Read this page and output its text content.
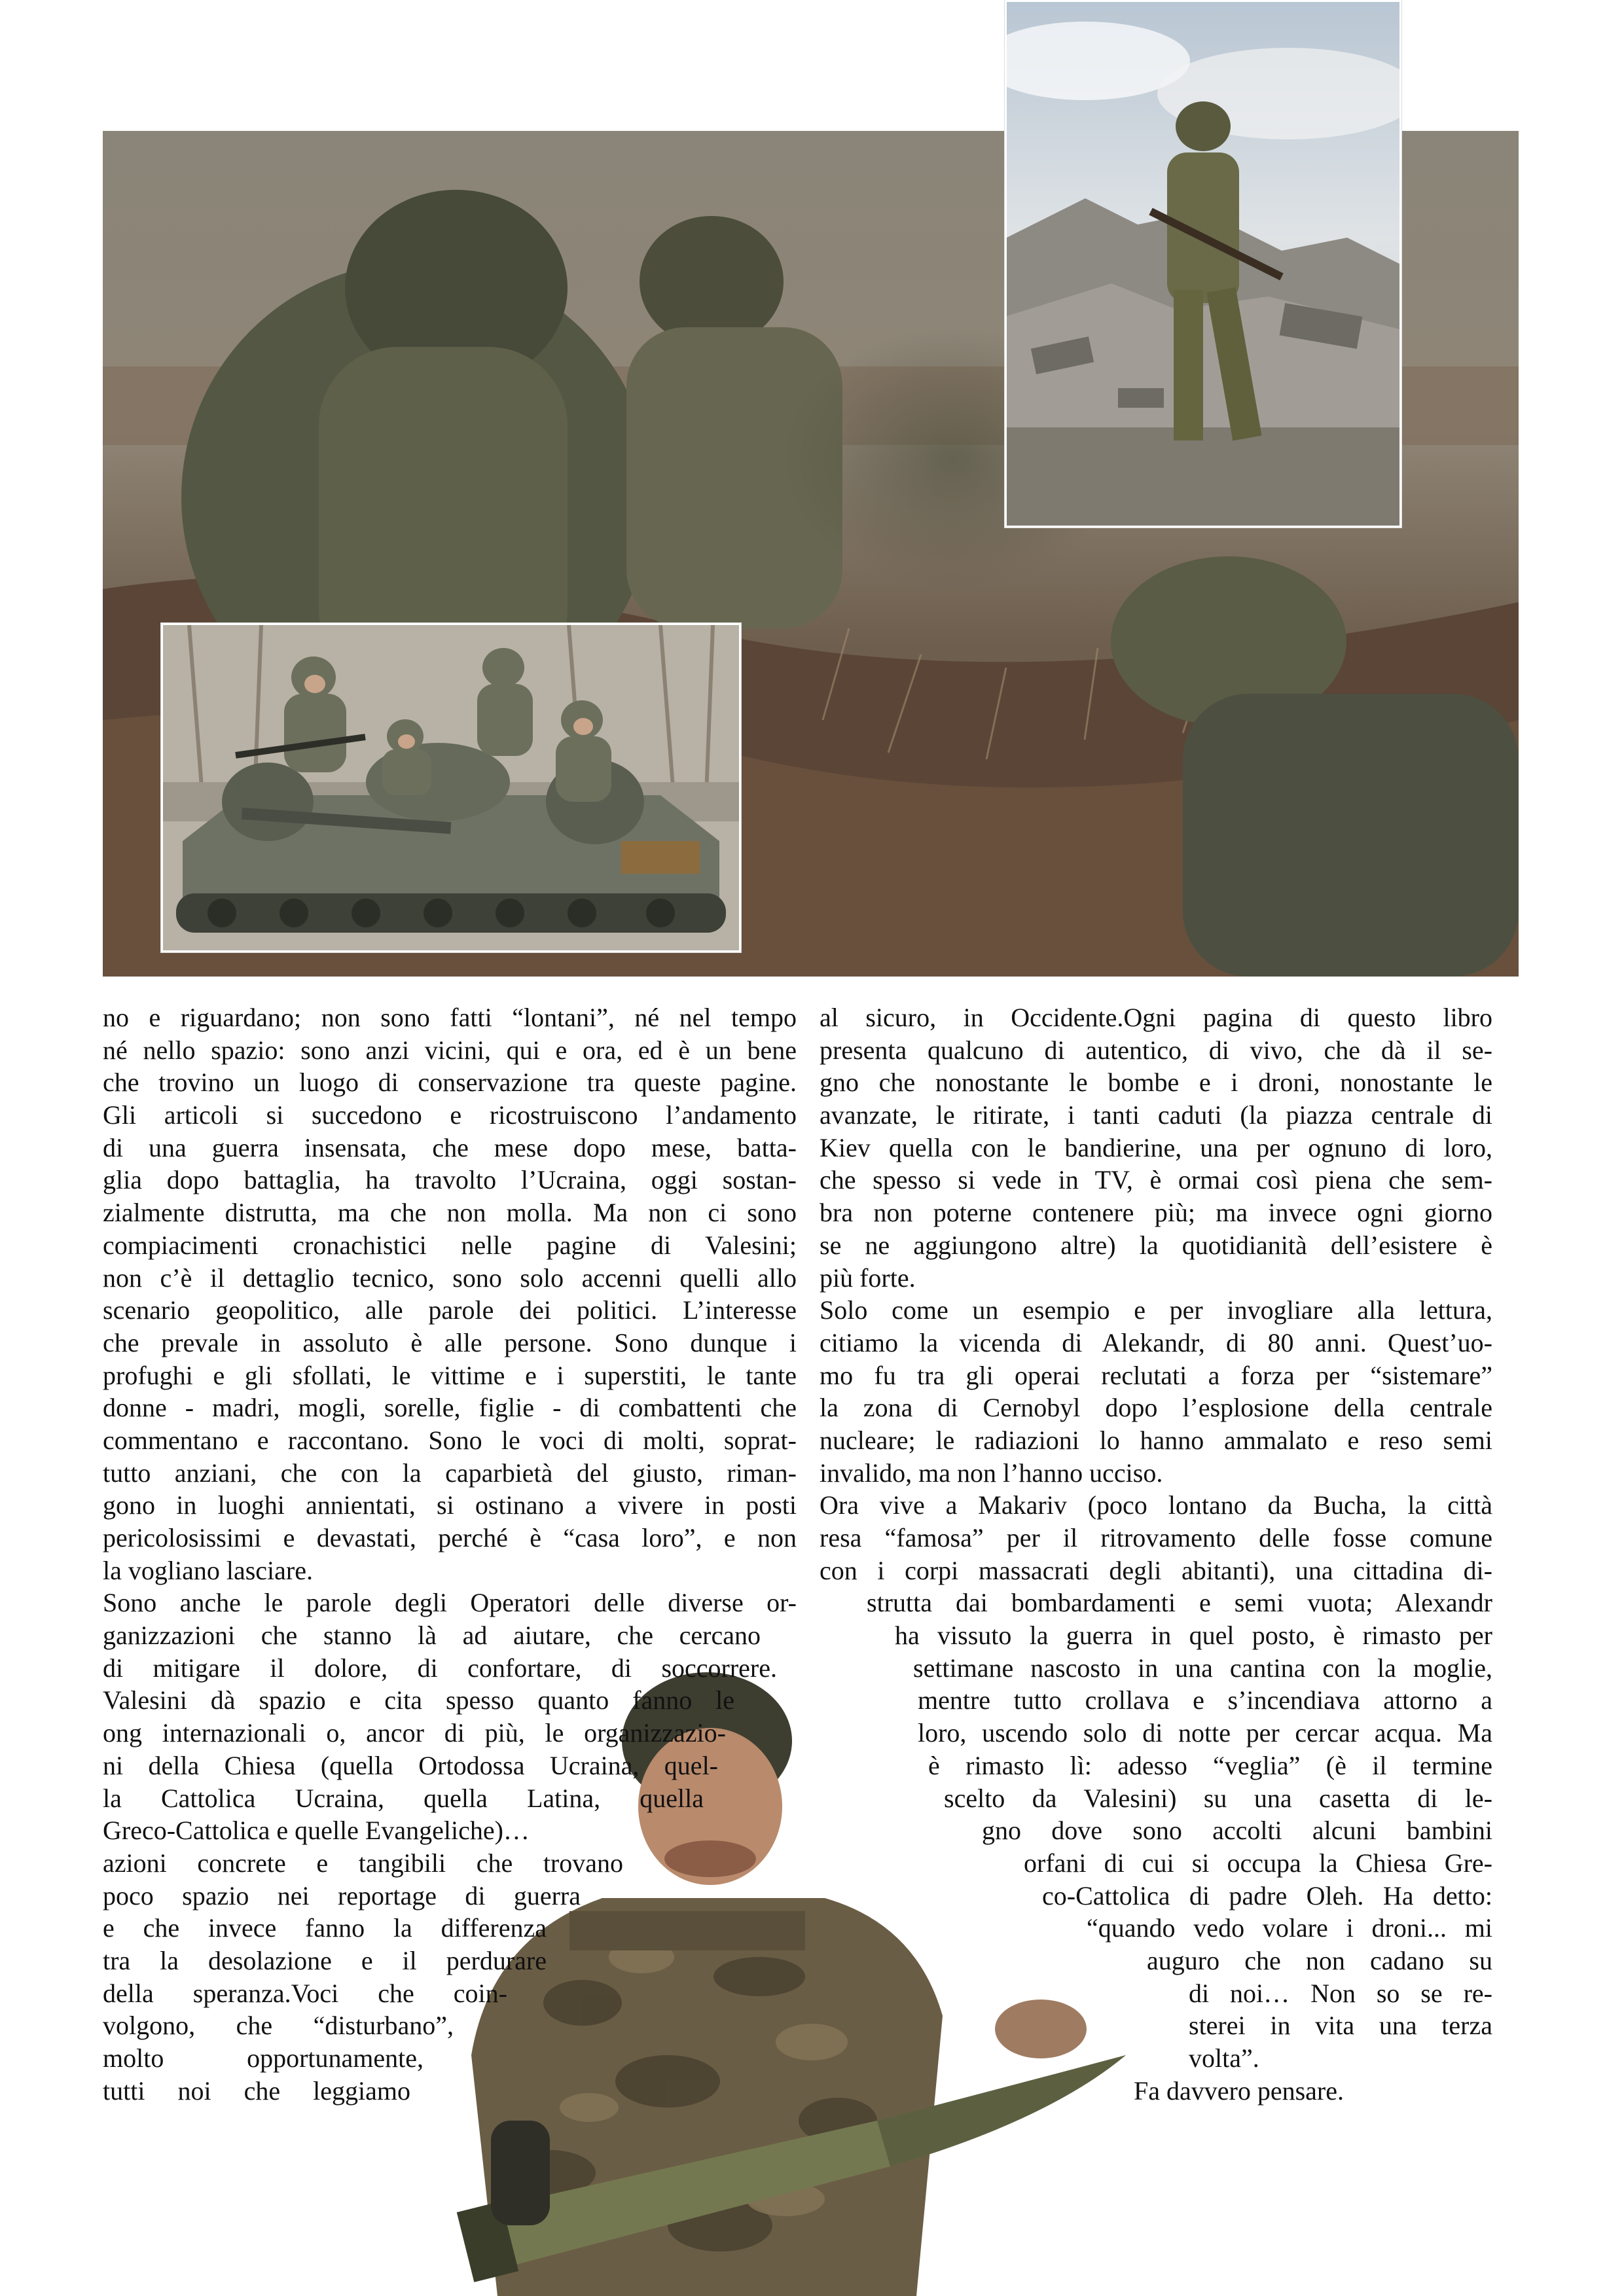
no e riguardano; non sono fatti “lontani”, né nel tempo
né nello spazio: sono anzi vicini, qui e ora, ed è un bene
che trovino un luogo di conservazione tra queste pagine.
Gli articoli si succedono e ricostruiscono l’andamento
di una guerra insensata, che mese dopo mese, batta-
glia dopo battaglia, ha travolto l’Ucraina, oggi sostan-
zialmente distrutta, ma che non molla. Ma non ci sono
compiacimenti cronachistici nelle pagine di Valesini;
non c’è il dettaglio tecnico, sono solo accenni quelli allo
scenario geopolitico, alle parole dei politici. L’interesse
che prevale in assoluto è alle persone. Sono dunque i
profughi e gli sfollati, le vittime e i superstiti, le tante
donne - madri, mogli, sorelle, figlie - di combattenti che
commentano e raccontano. Sono le voci di molti, soprat-
tutto anziani, che con la caparbietà del giusto, riman-
gono in luoghi annientati, si ostinano a vivere in posti
pericolosissimi e devastati, perché è “casa loro”, e non
la vogliano lasciare.
Sono anche le parole degli Operatori delle diverse or-
ganizzazioni che stanno là ad aiutare, che cercano
di mitigare il dolore, di confortare, di soccorrere.
Valesini dà spazio e cita spesso quanto fanno le
ong internazionali o, ancor di più, le organizzazio-
ni della Chiesa (quella Ortodossa Ucraina, quel-
la Cattolica Ucraina, quella Latina, quella
Greco-Cattolica e quelle Evangeliche)…
azioni concrete e tangibili che trovano
poco spazio nei reportage di guerra
e che invece fanno la differenza
tra la desolazione e il perdurare
della speranza.Voci che coin-
volgono, che “disturbano”,
molto opportunamente,
tutti noi che leggiamo
al sicuro, in Occidente.Ogni pagina di questo libro
presenta qualcuno di autentico, di vivo, che dà il se-
gno che nonostante le bombe e i droni, nonostante le
avanzate, le ritirate, i tanti caduti (la piazza centrale di
Kiev quella con le bandierine, una per ognuno di loro,
che spesso si vede in TV, è ormai così piena che sem-
bra non poterne contenere più; ma invece ogni giorno
se ne aggiungono altre) la quotidianità dell’esistere è
più forte.
Solo come un esempio e per invogliare alla lettura,
citiamo la vicenda di Alekandr, di 80 anni. Quest’uo-
mo fu tra gli operai reclutati a forza per “sistemare”
la zona di Cernobyl dopo l’esplosione della centrale
nucleare; le radiazioni lo hanno ammalato e reso semi
invalido, ma non l’hanno ucciso.
Ora vive a Makariv (poco lontano da Bucha, la città
resa “famosa” per il ritrovamento delle fosse comune
con i corpi massacrati degli abitanti), una cittadina di-
strutta dai bombardamenti e semi vuota; Alexandr
ha vissuto la guerra in quel posto, è rimasto per
settimane nascosto in una cantina con la moglie,
mentre tutto crollava e s’incendiava attorno a
loro, uscendo solo di notte per cercar acqua. Ma
è rimasto lì: adesso “veglia” (è il termine
scelto da Valesini) su una casetta di le-
gno dove sono accolti alcuni bambini
orfani di cui si occupa la Chiesa Gre-
co-Cattolica di padre Oleh. Ha detto:
“quando vedo volare i droni... mi
auguro che non cadano su
di noi… Non so se re-
sterei in vita una terza
volta”.
Fa davvero pensare.
